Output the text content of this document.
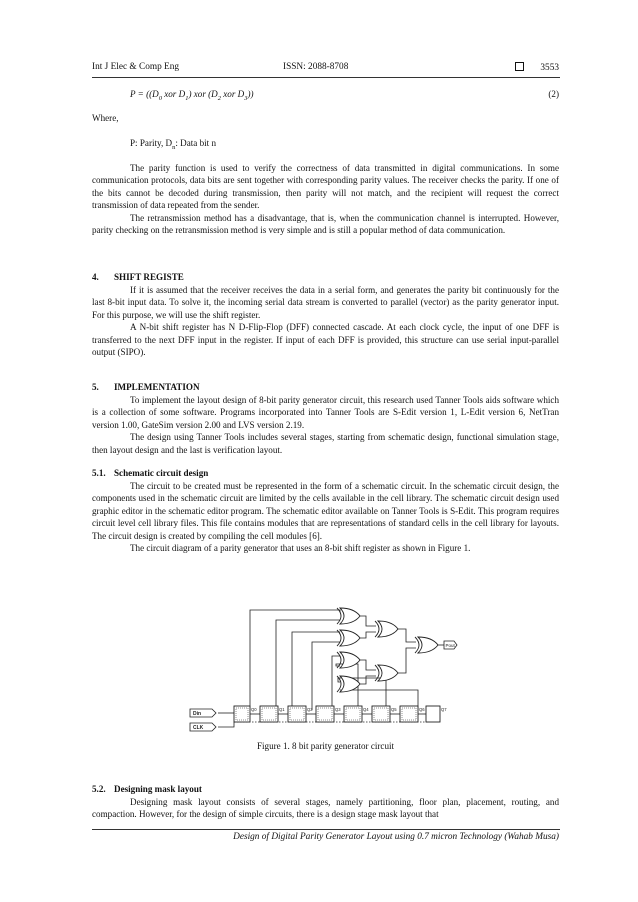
Int J Elec & Comp Eng	ISSN: 2088-8708	3553
$P = ((D_0$ xor $D_1$) xor ($D_2$ xor $D_3$))	(2)
Where,
P: Parity, $D_n$: Data bit n

The parity function is used to verify the correctness of data transmitted in digital communications. In some communication protocols, data bits are sent together with corresponding parity values. The receiver checks the parity. If one of the bits cannot be decoded during transmission, then parity will not match, and the recipient will request the correct transmission of data repeated from the sender.

The retransmission method has a disadvantage, that is, when the communication channel is interrupted. However, parity checking on the retransmission method is very simple and is still a popular method of data communication.

4. SHIFT REGISTE

If it is assumed that the receiver receives the data in a serial form, and generates the parity bit continuously for the last 8-bit input data. To solve it, the incoming serial data stream is converted to parallel (vector) as the parity generator input. For this purpose, we will use the shift register.

A N-bit shift register has N D-Flip-Flop (DFF) connected cascade. At each clock cycle, the input of one DFF is transferred to the next DFF input in the register. If input of each DFF is provided, this structure can use serial input-parallel output (SIPO).

5. IMPLEMENTATION

To implement the layout design of 8-bit parity generator circuit, this research used Tanner Tools aids software which is a collection of some software. Programs incorporated into Tanner Tools are S-Edit version 1, L-Edit version 6, NetTran version 1.00, GateSim version 2.00 and LVS version 2.19.

The design using Tanner Tools includes several stages, starting from schematic design, functional simulation stage, then layout design and the last is verification layout.

5.1. Schematic circuit design

The circuit to be created must be represented in the form of a schematic circuit. In the schematic circuit design, the components used in the schematic circuit are limited by the cells available in the cell library. The schematic circuit design used graphic editor in the schematic editor program. The schematic editor available on Tanner Tools is S-Edit. This program requires circuit level cell library files. This file contains modules that are representations of standard cells in the cell library for layouts. The circuit design is created by compiling the cell modules [6].

The circuit diagram of a parity generator that uses an 8-bit shift register as shown in Figure 1.

Pout
Din
CLK
Q0	Q1	Q2	Q3	Q4	Q5	Q6	Q7
Figure 1. 8 bit parity generator circuit
5.2. Designing mask layout

Designing mask layout consists of several stages, namely partitioning, floor plan, placement, routing, and compaction. However, for the design of simple circuits, there is a design stage mask layout that

Design of Digital Parity Generator Layout using 0.7 micron Technology (Wahab Musa)
